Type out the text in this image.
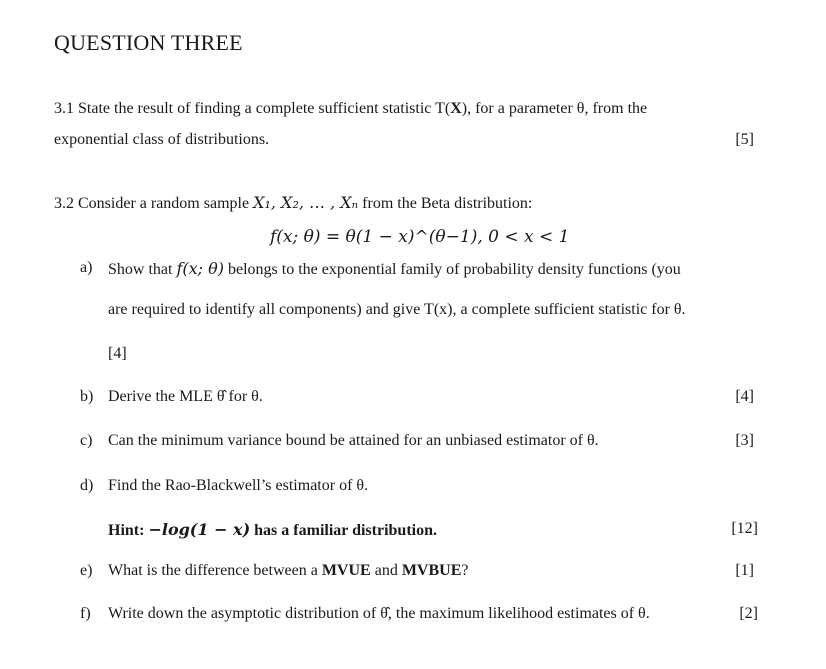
QUESTION THREE
3.1 State the result of finding a complete sufficient statistic T(X), for a parameter θ, from the
exponential class of distributions.	[5]
3.2 Consider a random sample X₁, X₂, … , Xₙ from the Beta distribution:
f(x; θ) = θ(1 − x)^(θ−1), 0 < x < 1
a) Show that f(x; θ) belongs to the exponential family of probability density functions (you
are required to identify all components) and give T(x), a complete sufficient statistic for θ.
[4]
b) Derive the MLE θ̂ for θ.	[4]
c) Can the minimum variance bound be attained for an unbiased estimator of θ.	[3]
d) Find the Rao-Blackwell’s estimator of θ.
Hint: −log(1 − x) has a familiar distribution.	[12]
e) What is the difference between a MVUE and MVBUE?	[1]
f) Write down the asymptotic distribution of θ̂, the maximum likelihood estimates of θ.	[2]
